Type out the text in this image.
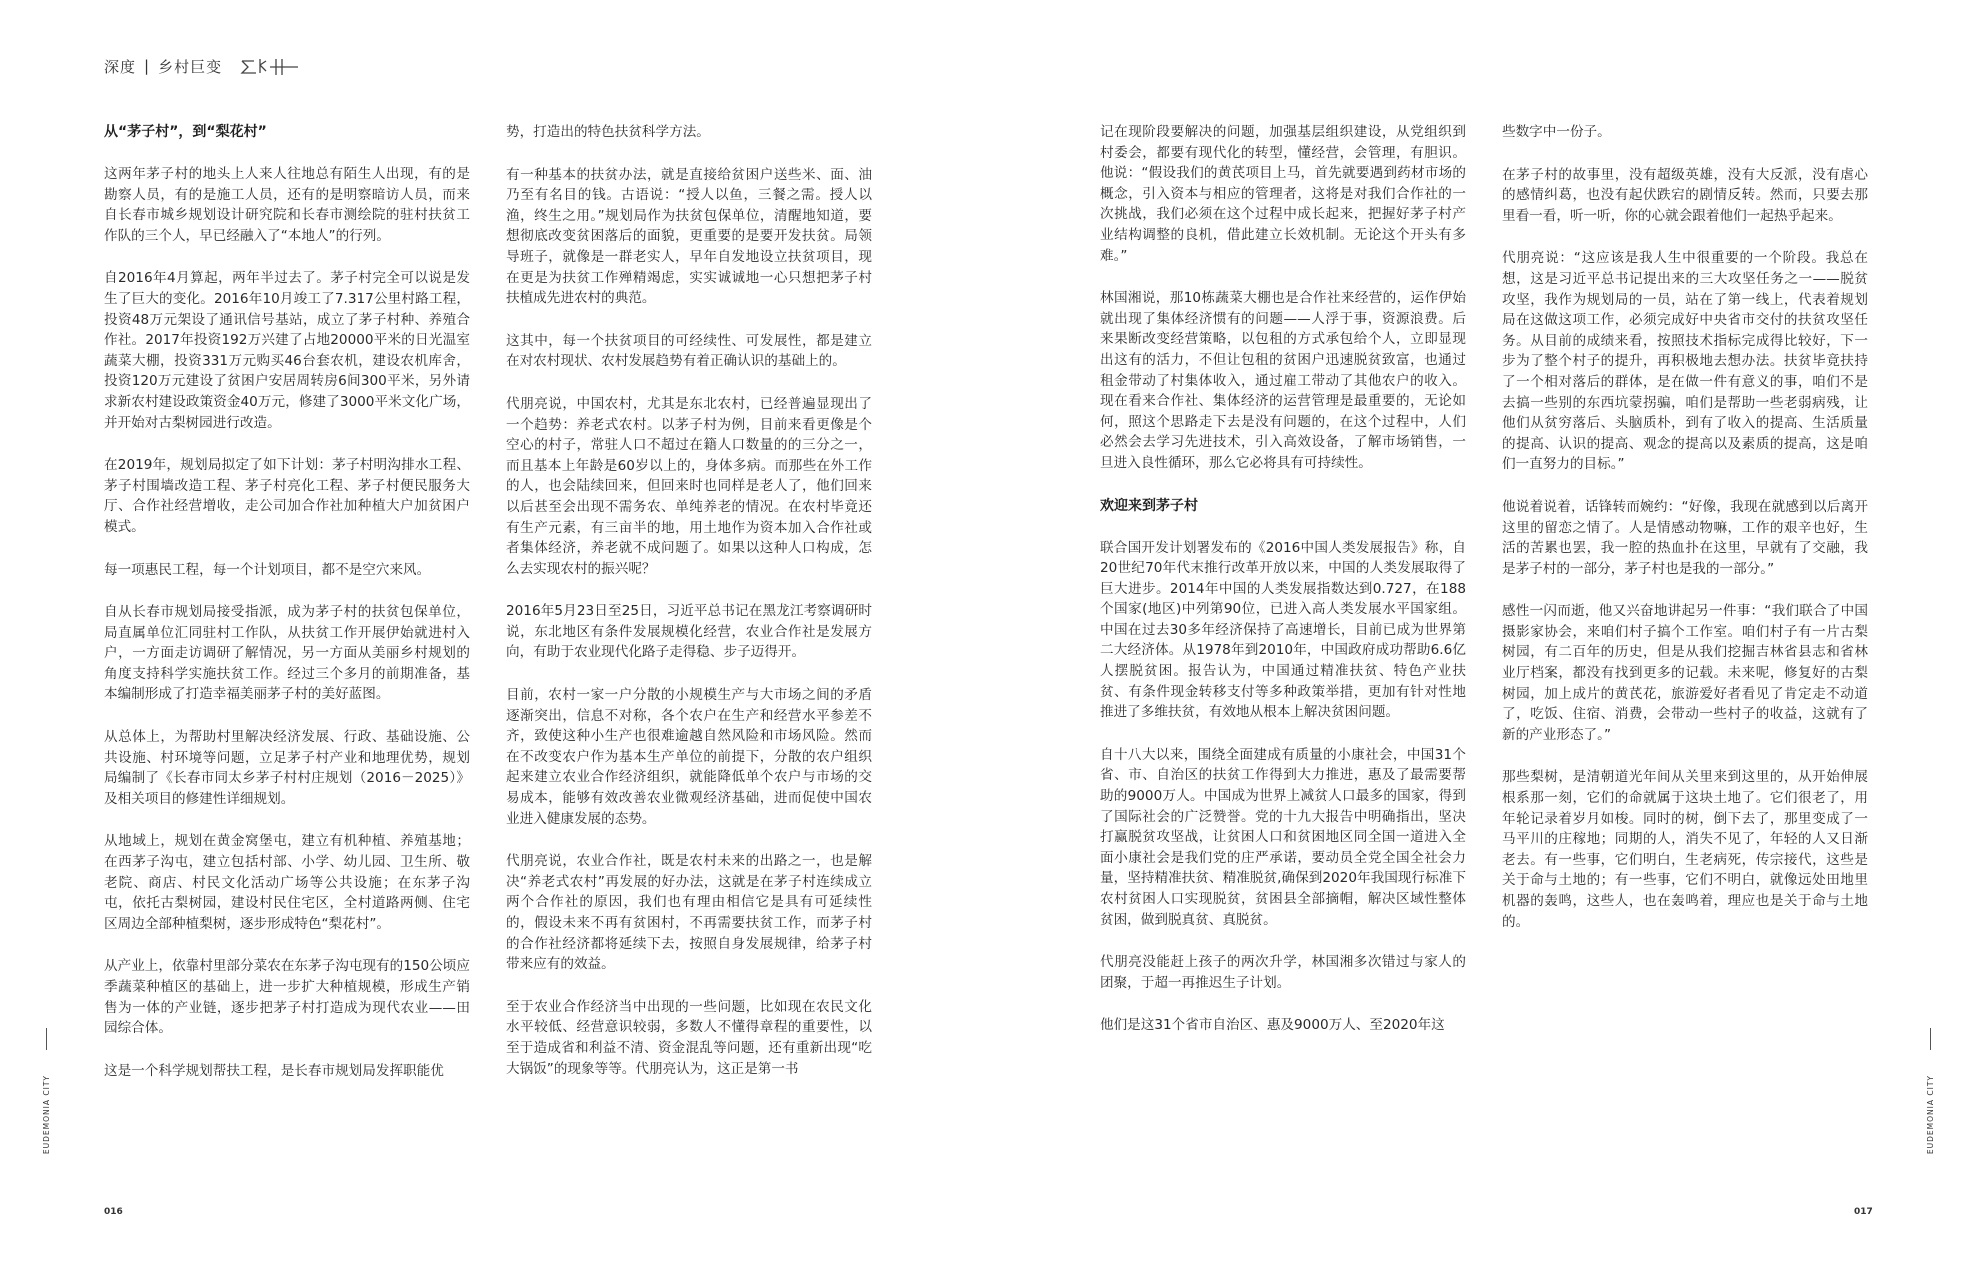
深度 | 乡村巨变
从“茅子村”，到“梨花村”

这两年茅子村的地头上人来人往地总有陌生人出现，有的是勘察人员，有的是施工人员，还有的是明察暗访人员，而来自长春市城乡规划设计研究院和长春市测绘院的驻村扶贫工作队的三个人，早已经融入了“本地人”的行列。

自2016年4月算起，两年半过去了。茅子村完全可以说是发生了巨大的变化。2016年10月竣工了7.317公里村路工程，投资48万元架设了通讯信号基站，成立了茅子村种、养殖合作社。2017年投资192万兴建了占地20000平米的日光温室蔬菜大棚，投资331万元购买46台套农机，建设农机库舍，投资120万元建设了贫困户安居周转房6间300平米，另外请求新农村建设政策资金40万元，修建了3000平米文化广场，并开始对古梨树园进行改造。

在2019年，规划局拟定了如下计划：茅子村明沟排水工程、茅子村围墙改造工程、茅子村亮化工程、茅子村便民服务大厅、合作社经营增收，走公司加合作社加种植大户加贫困户模式。

每一项惠民工程，每一个计划项目，都不是空穴来风。

自从长春市规划局接受指派，成为茅子村的扶贫包保单位，局直属单位汇同驻村工作队，从扶贫工作开展伊始就进村入户，一方面走访调研了解情况，另一方面从美丽乡村规划的角度支持科学实施扶贫工作。经过三个多月的前期准备，基本编制形成了打造幸福美丽茅子村的美好蓝图。

从总体上，为帮助村里解决经济发展、行政、基础设施、公共设施、村环境等问题，立足茅子村产业和地理优势，规划局编制了《长春市同太乡茅子村村庄规划（2016－2025）》及相关项目的修建性详细规划。

从地域上，规划在黄金窝堡屯，建立有机种植、养殖基地；在西茅子沟屯，建立包括村部、小学、幼儿园、卫生所、敬老院、商店、村民文化活动广场等公共设施；在东茅子沟屯，依托古梨树园，建设村民住宅区，全村道路两侧、住宅区周边全部种植梨树，逐步形成特色“梨花村”。

从产业上，依靠村里部分菜农在东茅子沟屯现有的150公顷应季蔬菜种植区的基础上，进一步扩大种植规模，形成生产销售为一体的产业链，逐步把茅子村打造成为现代农业——田园综合体。

这是一个科学规划帮扶工程，是长春市规划局发挥职能优

势，打造出的特色扶贫科学方法。

有一种基本的扶贫办法，就是直接给贫困户送些米、面、油乃至有名目的钱。古语说：“授人以鱼，三餐之需。授人以渔，终生之用。”规划局作为扶贫包保单位，清醒地知道，要想彻底改变贫困落后的面貌，更重要的是要开发扶贫。局领导班子，就像是一群老实人，早年自发地设立扶贫项目，现在更是为扶贫工作殚精竭虑，实实诚诚地一心只想把茅子村扶植成先进农村的典范。

这其中，每一个扶贫项目的可经续性、可发展性，都是建立在对农村现状、农村发展趋势有着正确认识的基础上的。

代朋亮说，中国农村，尤其是东北农村，已经普遍显现出了一个趋势：养老式农村。以茅子村为例，目前来看更像是个空心的村子，常驻人口不超过在籍人口数量的的三分之一，而且基本上年龄是60岁以上的，身体多病。而那些在外工作的人，也会陆续回来，但回来时也同样是老人了，他们回来以后甚至会出现不需务农、单纯养老的情况。在农村毕竟还有生产元素，有三亩半的地，用土地作为资本加入合作社或者集体经济，养老就不成问题了。如果以这种人口构成，怎么去实现农村的振兴呢？

2016年5月23日至25日，习近平总书记在黑龙江考察调研时说，东北地区有条件发展规模化经营，农业合作社是发展方向，有助于农业现代化路子走得稳、步子迈得开。

目前，农村一家一户分散的小规模生产与大市场之间的矛盾逐渐突出，信息不对称，各个农户在生产和经营水平参差不齐，致使这种小生产也很难逾越自然风险和市场风险。然而在不改变农户作为基本生产单位的前提下，分散的农户组织起来建立农业合作经济组织，就能降低单个农户与市场的交易成本，能够有效改善农业微观经济基础，进而促使中国农业进入健康发展的态势。

代朋亮说，农业合作社，既是农村未来的出路之一，也是解决“养老式农村”再发展的好办法，这就是在茅子村连续成立两个合作社的原因，我们也有理由相信它是具有可延续性的，假设未来不再有贫困村，不再需要扶贫工作，而茅子村的合作社经济都将延续下去，按照自身发展规律，给茅子村带来应有的效益。

至于农业合作经济当中出现的一些问题，比如现在农民文化水平较低、经营意识较弱，多数人不懂得章程的重要性，以至于造成省和利益不清、资金混乱等问题，还有重新出现“吃大锅饭”的现象等等。代朋亮认为，这正是第一书

记在现阶段要解决的问题，加强基层组织建设，从党组织到村委会，都要有现代化的转型，懂经营，会管理，有胆识。他说：“假设我们的黄芪项目上马，首先就要遇到药材市场的概念，引入资本与相应的管理者，这将是对我们合作社的一次挑战，我们必须在这个过程中成长起来，把握好茅子村产业结构调整的良机，借此建立长效机制。无论这个开头有多难。”

林国湘说，那10栋蔬菜大棚也是合作社来经营的，运作伊始就出现了集体经济惯有的问题——人浮于事，资源浪费。后来果断改变经营策略，以包租的方式承包给个人，立即显现出这有的活力，不但让包租的贫困户迅速脱贫致富，也通过租金带动了村集体收入，通过雇工带动了其他农户的收入。现在看来合作社、集体经济的运营管理是最重要的，无论如何，照这个思路走下去是没有问题的，在这个过程中，人们必然会去学习先进技术，引入高效设备，了解市场销售，一旦进入良性循环，那么它必将具有可持续性。

欢迎来到茅子村

联合国开发计划署发布的《2016中国人类发展报告》称，自20世纪70年代末推行改革开放以来，中国的人类发展取得了巨大进步。2014年中国的人类发展指数达到0.727，在188个国家(地区)中列第90位，已进入高人类发展水平国家组。中国在过去30多年经济保持了高速增长，目前已成为世界第二大经济体。从1978年到2010年，中国政府成功帮助6.6亿人摆脱贫困。报告认为，中国通过精准扶贫、特色产业扶贫、有条件现金转移支付等多种政策举措，更加有针对性地推进了多维扶贫，有效地从根本上解决贫困问题。

自十八大以来，围绕全面建成有质量的小康社会，中国31个省、市、自治区的扶贫工作得到大力推进，惠及了最需要帮助的9000万人。中国成为世界上减贫人口最多的国家，得到了国际社会的广泛赞誉。党的十九大报告中明确指出，坚决打赢脱贫攻坚战，让贫困人口和贫困地区同全国一道进入全面小康社会是我们党的庄严承诺，要动员全党全国全社会力量，坚持精准扶贫、精准脱贫,确保到2020年我国现行标准下农村贫困人口实现脱贫，贫困县全部摘帽，解决区域性整体贫困，做到脱真贫、真脱贫。

代朋亮没能赶上孩子的两次升学，林国湘多次错过与家人的团聚，于超一再推迟生子计划。

他们是这31个省市自治区、惠及9000万人、至2020年这

些数字中一份子。

在茅子村的故事里，没有超级英雄，没有大反派，没有虐心的感情纠葛，也没有起伏跌宕的剧情反转。然而，只要去那里看一看，听一听，你的心就会跟着他们一起热乎起来。

代朋亮说：“这应该是我人生中很重要的一个阶段。我总在想，这是习近平总书记提出来的三大攻坚任务之一——脱贫攻坚，我作为规划局的一员，站在了第一线上，代表着规划局在这做这项工作，必须完成好中央省市交付的扶贫攻坚任务。从目前的成绩来看，按照技术指标完成得比较好，下一步为了整个村子的提升，再积极地去想办法。扶贫毕竟扶持了一个相对落后的群体，是在做一件有意义的事，咱们不是去搞一些别的东西坑蒙拐骗，咱们是帮助一些老弱病残，让他们从贫穷落后、头脑质朴，到有了收入的提高、生活质量的提高、认识的提高、观念的提高以及素质的提高，这是咱们一直努力的目标。”

他说着说着，话锋转而婉约：“好像，我现在就感到以后离开这里的留恋之情了。人是情感动物嘛，工作的艰辛也好，生活的苦累也罢，我一腔的热血扑在这里，早就有了交融，我是茅子村的一部分，茅子村也是我的一部分。”

感性一闪而逝，他又兴奋地讲起另一件事：“我们联合了中国摄影家协会，来咱们村子搞个工作室。咱们村子有一片古梨树园，有二百年的历史，但是从我们挖掘吉林省县志和省林业厅档案，都没有找到更多的记载。未来呢，修复好的古梨树园，加上成片的黄芪花，旅游爱好者看见了肯定走不动道了，吃饭、住宿、消费，会带动一些村子的收益，这就有了新的产业形态了。”

那些梨树，是清朝道光年间从关里来到这里的，从开始伸展根系那一刻，它们的命就属于这块土地了。它们很老了，用年轮记录着岁月如梭。同时的树，倒下去了，那里变成了一马平川的庄稼地；同期的人，消失不见了，年轻的人又日渐老去。有一些事，它们明白，生老病死，传宗接代，这些是关于命与土地的；有一些事，它们不明白，就像远处田地里机器的轰鸣，这些人，也在轰鸣着，理应也是关于命与土地的。

EUDEMONIA CITY	EUDEMONIA CITY
016	017
